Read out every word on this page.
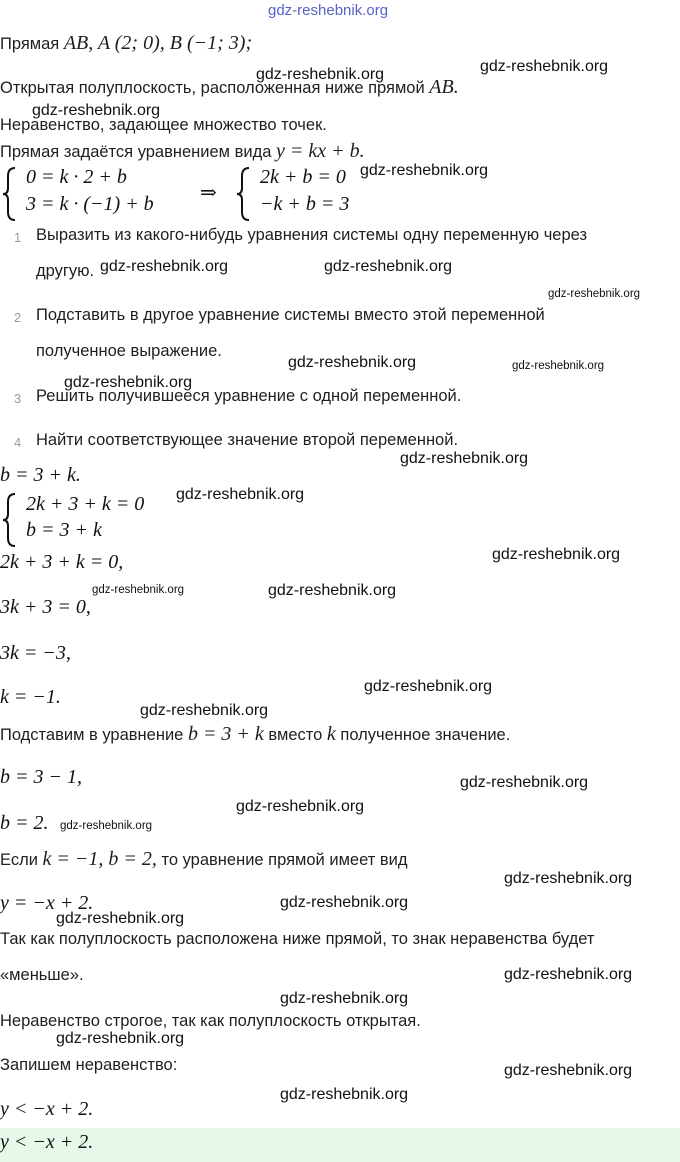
gdz-reshebnik.org
Прямая AB, A (2; 0), B (−1; 3);
Открытая полуплоскость, расположенная ниже прямой AB.
Неравенство, задающее множество точек.
Прямая задаётся уравнением вида y = kx + b.
0 = k · 2 + b
3 = k · (−1) + b ⇒
2k + b = 0
−k + b = 3
1 Выразить из какого-нибудь уравнения системы одну переменную через
другую.
2 Подставить в другое уравнение системы вместо этой переменной
полученное выражение.
3 Решить получившееся уравнение с одной переменной.
4 Найти соответствующее значение второй переменной.
b = 3 + k.
2k + 3 + k = 0
b = 3 + k
2k + 3 + k = 0,
3k + 3 = 0,
3k = −3,
k = −1.
Подставим в уравнение b = 3 + k вместо k полученное значение.
b = 3 − 1,
b = 2.
Если k = −1, b = 2, то уравнение прямой имеет вид
y = −x + 2.
Так как полуплоскость расположена ниже прямой, то знак неравенства будет
«меньше».
Неравенство строгое, так как полуплоскость открытая.
Запишем неравенство:
y < −x + 2.
y < −x + 2.
gdz-reshebnik.org	gdz-reshebnik.org
gdz-reshebnik.org
gdz-reshebnik.org
gdz-reshebnik.org	gdz-reshebnik.org
gdz-reshebnik.org
gdz-reshebnik.org	gdz-reshebnik.org
gdz-reshebnik.org
gdz-reshebnik.org
gdz-reshebnik.org
gdz-reshebnik.org
gdz-reshebnik.org	gdz-reshebnik.org
gdz-reshebnik.org
gdz-reshebnik.org
gdz-reshebnik.org
gdz-reshebnik.org
gdz-reshebnik.org
gdz-reshebnik.org
gdz-reshebnik.org
gdz-reshebnik.org
gdz-reshebnik.org
gdz-reshebnik.org
gdz-reshebnik.org
gdz-reshebnik.org
gdz-reshebnik.org
